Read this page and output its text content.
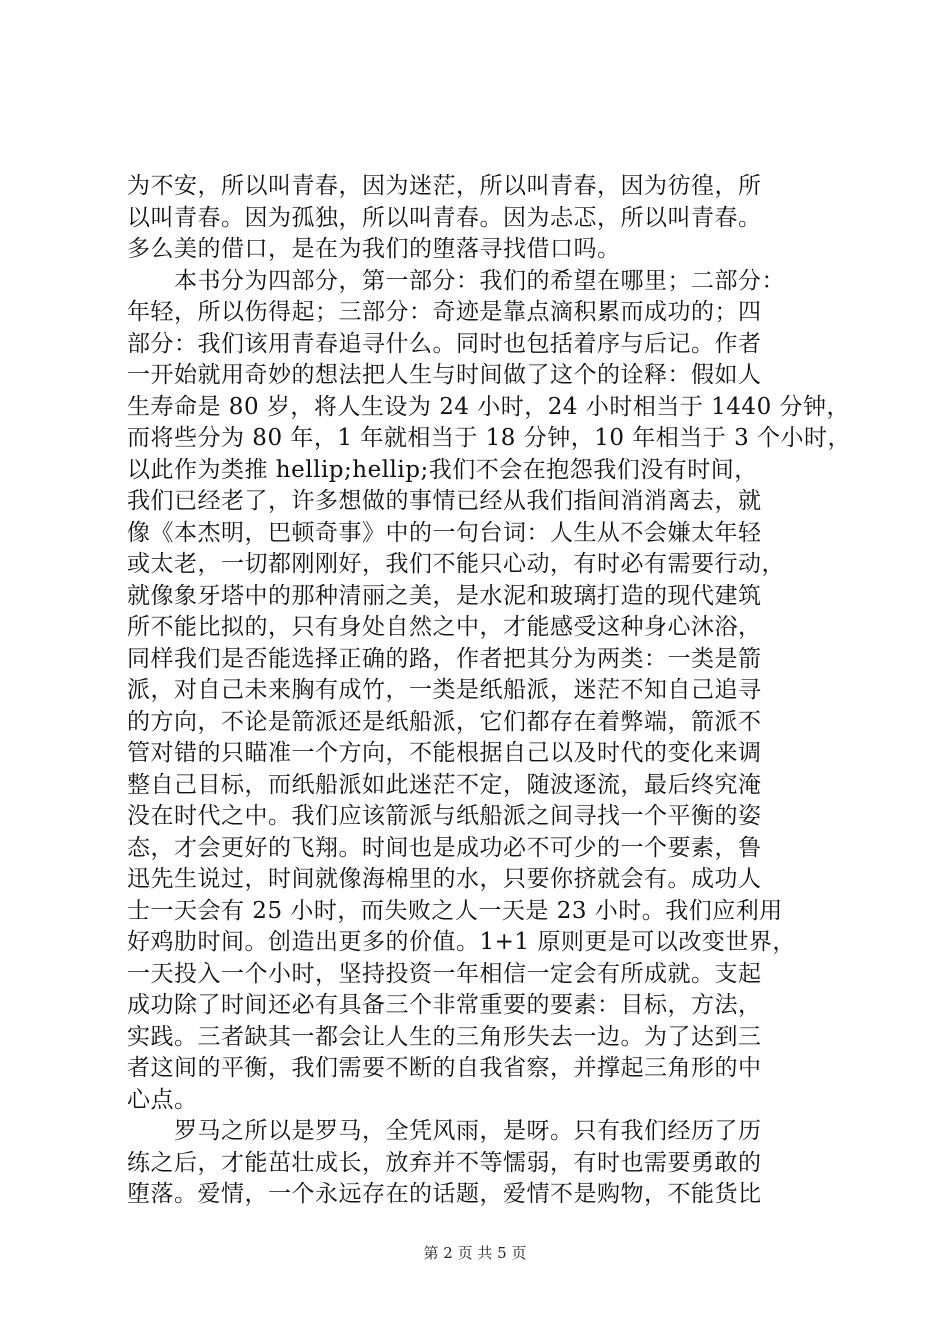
为不安，所以叫青春，因为迷茫，所以叫青春，因为彷徨，所
以叫青春。因为孤独，所以叫青春。因为忐忑，所以叫青春。
多么美的借口，是在为我们的堕落寻找借口吗。
　　本书分为四部分，第一部分：我们的希望在哪里；二部分：
年轻，所以伤得起；三部分：奇迹是靠点滴积累而成功的；四
部分：我们该用青春追寻什么。同时也包括着序与后记。作者
一开始就用奇妙的想法把人生与时间做了这个的诠释：假如人
生寿命是 80 岁，将人生设为 24 小时，24 小时相当于 1440 分钟，
而将些分为 80 年，1 年就相当于 18 分钟，10 年相当于 3 个小时，
以此作为类推 hellip;hellip;我们不会在抱怨我们没有时间，
我们已经老了，许多想做的事情已经从我们指间消消离去，就
像《本杰明，巴顿奇事》中的一句台词：人生从不会嫌太年轻
或太老，一切都刚刚好，我们不能只心动，有时必有需要行动，
就像象牙塔中的那种清丽之美，是水泥和玻璃打造的现代建筑
所不能比拟的，只有身处自然之中，才能感受这种身心沐浴，
同样我们是否能选择正确的路，作者把其分为两类：一类是箭
派，对自己未来胸有成竹，一类是纸船派，迷茫不知自己追寻
的方向，不论是箭派还是纸船派，它们都存在着弊端，箭派不
管对错的只瞄准一个方向，不能根据自己以及时代的变化来调
整自己目标，而纸船派如此迷茫不定，随波逐流，最后终究淹
没在时代之中。我们应该箭派与纸船派之间寻找一个平衡的姿
态，才会更好的飞翔。时间也是成功必不可少的一个要素，鲁
迅先生说过，时间就像海棉里的水，只要你挤就会有。成功人
士一天会有 25 小时，而失败之人一天是 23 小时。我们应利用
好鸡肋时间。创造出更多的价值。1+1 原则更是可以改变世界，
一天投入一个小时，坚持投资一年相信一定会有所成就。支起
成功除了时间还必有具备三个非常重要的要素：目标，方法，
实践。三者缺其一都会让人生的三角形失去一边。为了达到三
者这间的平衡，我们需要不断的自我省察，并撑起三角形的中
心点。
　　罗马之所以是罗马，全凭风雨，是呀。只有我们经历了历
练之后，才能茁壮成长，放弃并不等懦弱，有时也需要勇敢的
堕落。爱情，一个永远存在的话题，爱情不是购物，不能货比
第 2 页 共 5 页
